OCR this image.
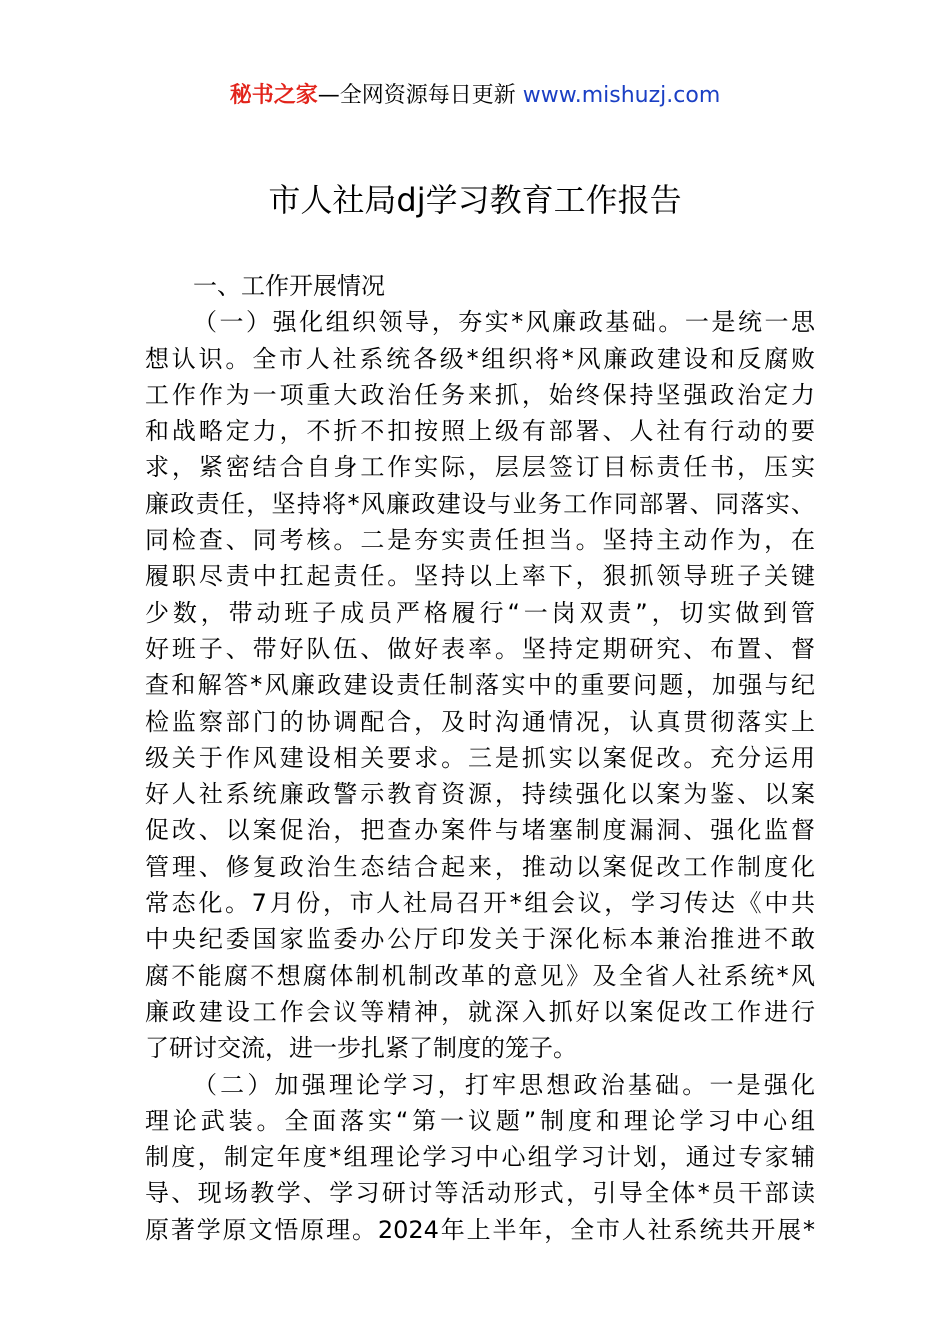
秘书之家—全网资源每日更新 www.mishuzj.com
市人社局dj学习教育工作报告
一、工作开展情况
（一）强化组织领导，夯实*风廉政基础。一是统一思
想认识。全市人社系统各级*组织将*风廉政建设和反腐败
工作作为一项重大政治任务来抓，始终保持坚强政治定力
和战略定力，不折不扣按照上级有部署、人社有行动的要
求，紧密结合自身工作实际，层层签订目标责任书，压实
廉政责任，坚持将*风廉政建设与业务工作同部署、同落实、
同检查、同考核。二是夯实责任担当。坚持主动作为，在
履职尽责中扛起责任。坚持以上率下，狠抓领导班子关键
少数，带动班子成员严格履行“一岗双责”，切实做到管
好班子、带好队伍、做好表率。坚持定期研究、布置、督
查和解答*风廉政建设责任制落实中的重要问题，加强与纪
检监察部门的协调配合，及时沟通情况，认真贯彻落实上
级关于作风建设相关要求。三是抓实以案促改。充分运用
好人社系统廉政警示教育资源，持续强化以案为鉴、以案
促改、以案促治，把查办案件与堵塞制度漏洞、强化监督
管理、修复政治生态结合起来，推动以案促改工作制度化
常态化。7月份，市人社局召开*组会议，学习传达《中共
中央纪委国家监委办公厅印发关于深化标本兼治推进不敢
腐不能腐不想腐体制机制改革的意见》及全省人社系统*风
廉政建设工作会议等精神，就深入抓好以案促改工作进行
了研讨交流，进一步扎紧了制度的笼子。
（二）加强理论学习，打牢思想政治基础。一是强化
理论武装。全面落实“第一议题”制度和理论学习中心组
制度，制定年度*组理论学习中心组学习计划，通过专家辅
导、现场教学、学习研讨等活动形式，引导全体*员干部读
原著学原文悟原理。2024年上半年，全市人社系统共开展*
